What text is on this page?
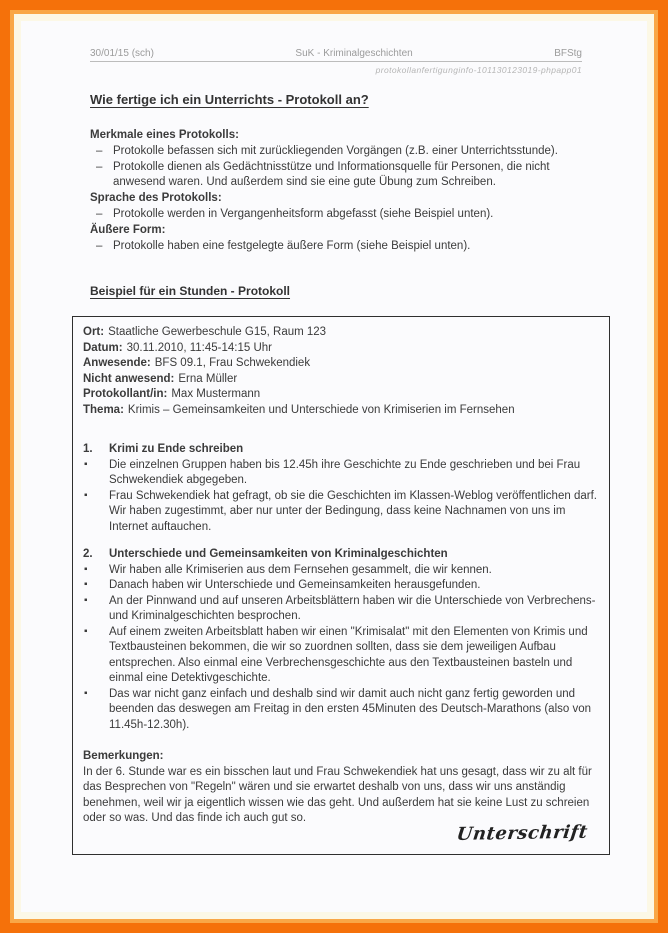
30/01/15 (sch)	SuK - Kriminalgeschichten	BFStg
protokollanfertigunginfo-101130123019-phpapp01
Wie fertige ich ein Unterrichts - Protokoll an?

Merkmale eines Protokolls:

– Protokolle befassen sich mit zurückliegenden Vorgängen (z.B. einer Unterrichtsstunde).
– Protokolle dienen als Gedächtnisstütze und Informationsquelle für Personen, die nicht anwesend waren. Und außerdem sind sie eine gute Übung zum Schreiben.

Sprache des Protokolls:

– Protokolle werden in Vergangenheitsform abgefasst (siehe Beispiel unten).

Äußere Form:

– Protokolle haben eine festgelegte äußere Form (siehe Beispiel unten).
Beispiel für ein Stunden - Protokoll

Ort: Staatliche Gewerbeschule G15, Raum 123

Datum: 30.11.2010, 11:45-14:15 Uhr

Anwesende: BFS 09.1, Frau Schwekendiek

Nicht anwesend: Erna Müller

Protokollant/in: Max Mustermann

Thema: Krimis – Gemeinsamkeiten und Unterschiede von Krimiserien im Fernsehen

1.	Krimi zu Ende schreiben

▪ Die einzelnen Gruppen haben bis 12.45h ihre Geschichte zu Ende geschrieben und bei Frau Schwekendiek abgegeben.
▪ Frau Schwekendiek hat gefragt, ob sie die Geschichten im Klassen-Weblog veröffentlichen darf. Wir haben zugestimmt, aber nur unter der Bedingung, dass keine Nachnamen von uns im Internet auftauchen.

2.	Unterschiede und Gemeinsamkeiten von Kriminalgeschichten

▪ Wir haben alle Krimiserien aus dem Fernsehen gesammelt, die wir kennen.
▪ Danach haben wir Unterschiede und Gemeinsamkeiten herausgefunden.
▪ An der Pinnwand und auf unseren Arbeitsblättern haben wir die Unterschiede von Verbrechens- und Kriminalgeschichten besprochen.
▪ Auf einem zweiten Arbeitsblatt haben wir einen "Krimisalat" mit den Elementen von Krimis und Textbausteinen bekommen, die wir so zuordnen sollten, dass sie dem jeweiligen Aufbau entsprechen. Also einmal eine Verbrechensgeschichte aus den Textbausteinen basteln und einmal eine Detektivgeschichte.
▪ Das war nicht ganz einfach und deshalb sind wir damit auch nicht ganz fertig geworden und beenden das deswegen am Freitag in den ersten 45Minuten des Deutsch-Marathons (also von 11.45h-12.30h).

Bemerkungen:

In der 6. Stunde war es ein bisschen laut und Frau Schwekendiek hat uns gesagt, dass wir zu alt für das Besprechen von "Regeln" wären und sie erwartet deshalb von uns, dass wir uns anständig benehmen, weil wir ja eigentlich wissen wie das geht. Und außerdem hat sie keine Lust zu schreien oder so was. Und das finde ich auch gut so.

Unterschrift
